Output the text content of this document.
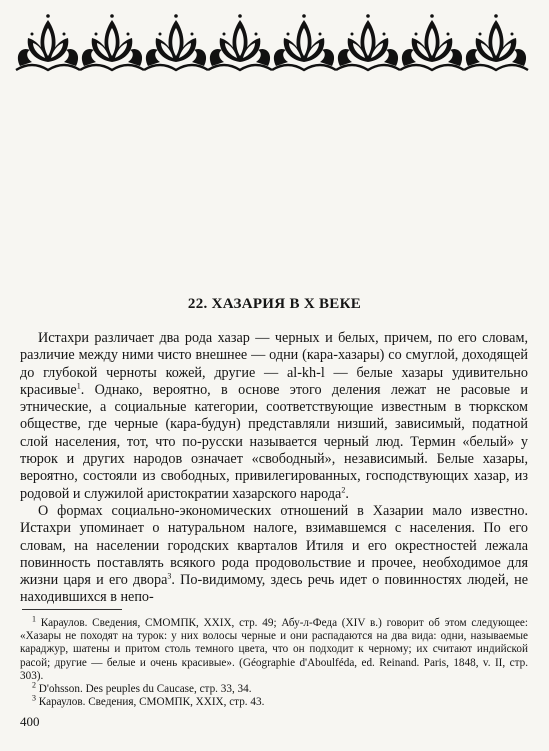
22. ХАЗАРИЯ В X ВЕКЕ

Истахри различает два рода хазар — черных и белых, причем, по его словам, различие между ними чисто внешнее — одни (кара-хазары) со смуглой, доходящей до глубокой черноты кожей, другие — al-kh-l — белые хазары удивительно красивые$^1$. Однако, вероятно, в основе этого деления лежат не расовые и этнические, а социальные категории, соответствующие известным в тюркском обществе, где черные (кара-будун) представляли низший, зависимый, податной слой населения, тот, что по-русски называется черный люд. Термин «белый» у тюрок и других народов означает «свободный», независимый. Белые хазары, вероятно, состояли из свободных, привилегированных, господствующих хазар, из родовой и служилой аристократии хазарского народа$^2$.

О формах социально-экономических отношений в Хазарии мало известно. Истахри упоминает о натуральном налоге, взимавшемся с населения. По его словам, на населении городских кварталов Итиля и его окрестностей лежала повинность поставлять всякого рода продовольствие и прочее, необходимое для жизни царя и его двора$^3$. По-видимому, здесь речь идет о повинностях людей, не находившихся в непо-

$^1$ Караулов. Сведения, СМОМПК, XXIX, стр. 49; Абу-л-Феда (XIV в.) говорит об этом следующее: «Хазары не походят на турок: у них волосы черные и они распадаются на два вида: одни, называемые караджур, шатены и притом столь темного цвета, что он подходит к черному; их считают индийской расой; другие — белые и очень красивые». (Géographie d'Aboulféda, ed. Reinand. Paris, 1848, v. II, стр. 303).

$^2$ D'ohsson. Des peuples du Caucase, стр. 33, 34.

$^3$ Караулов. Сведения, СМОМПК, XXIX, стр. 43.

400
